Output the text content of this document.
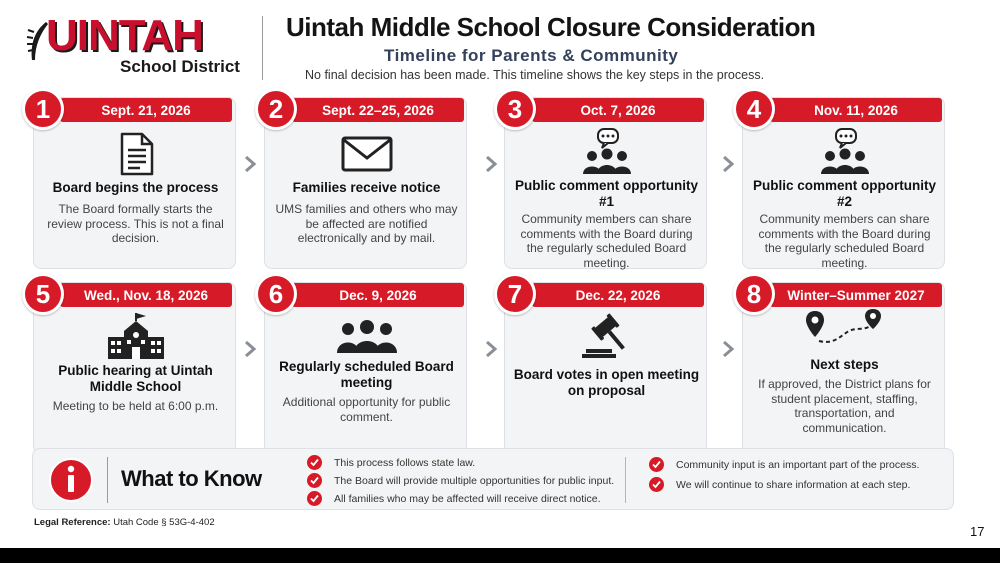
UINTAH
School District
Uintah Middle School Closure Consideration
Timeline for Parents & Community
No final decision has been made. This timeline shows the key steps in the process.
Board begins the process
The Board formally starts the review process. This is not a final decision.
1	Sept. 21, 2026
Families receive notice
UMS families and others who may be affected are notified electronically and by mail.
2	Sept. 22–25, 2026
Public comment opportunity #1
Community members can share comments with the Board during the regularly scheduled Board meeting.
3	Oct. 7, 2026
Public comment opportunity #2
Community members can share comments with the Board during the regularly scheduled Board meeting.
4	Nov. 11, 2026
Public hearing at Uintah Middle School
Meeting to be held at 6:00 p.m.
5	Wed., Nov. 18, 2026
Regularly scheduled Board meeting
Additional opportunity for public comment.
6	Dec. 9, 2026
Board votes in open meeting on proposal
7	Dec. 22, 2026
Next steps
If approved, the District plans for student placement, staffing, transportation, and communication.
8	Winter–Summer 2027
What to Know
This process follows state law.
The Board will provide multiple opportunities for public input.
All families who may be affected will receive direct notice.
Community input is an important part of the process.
We will continue to share information at each step.
Legal Reference: Utah Code § 53G-4-402
17
